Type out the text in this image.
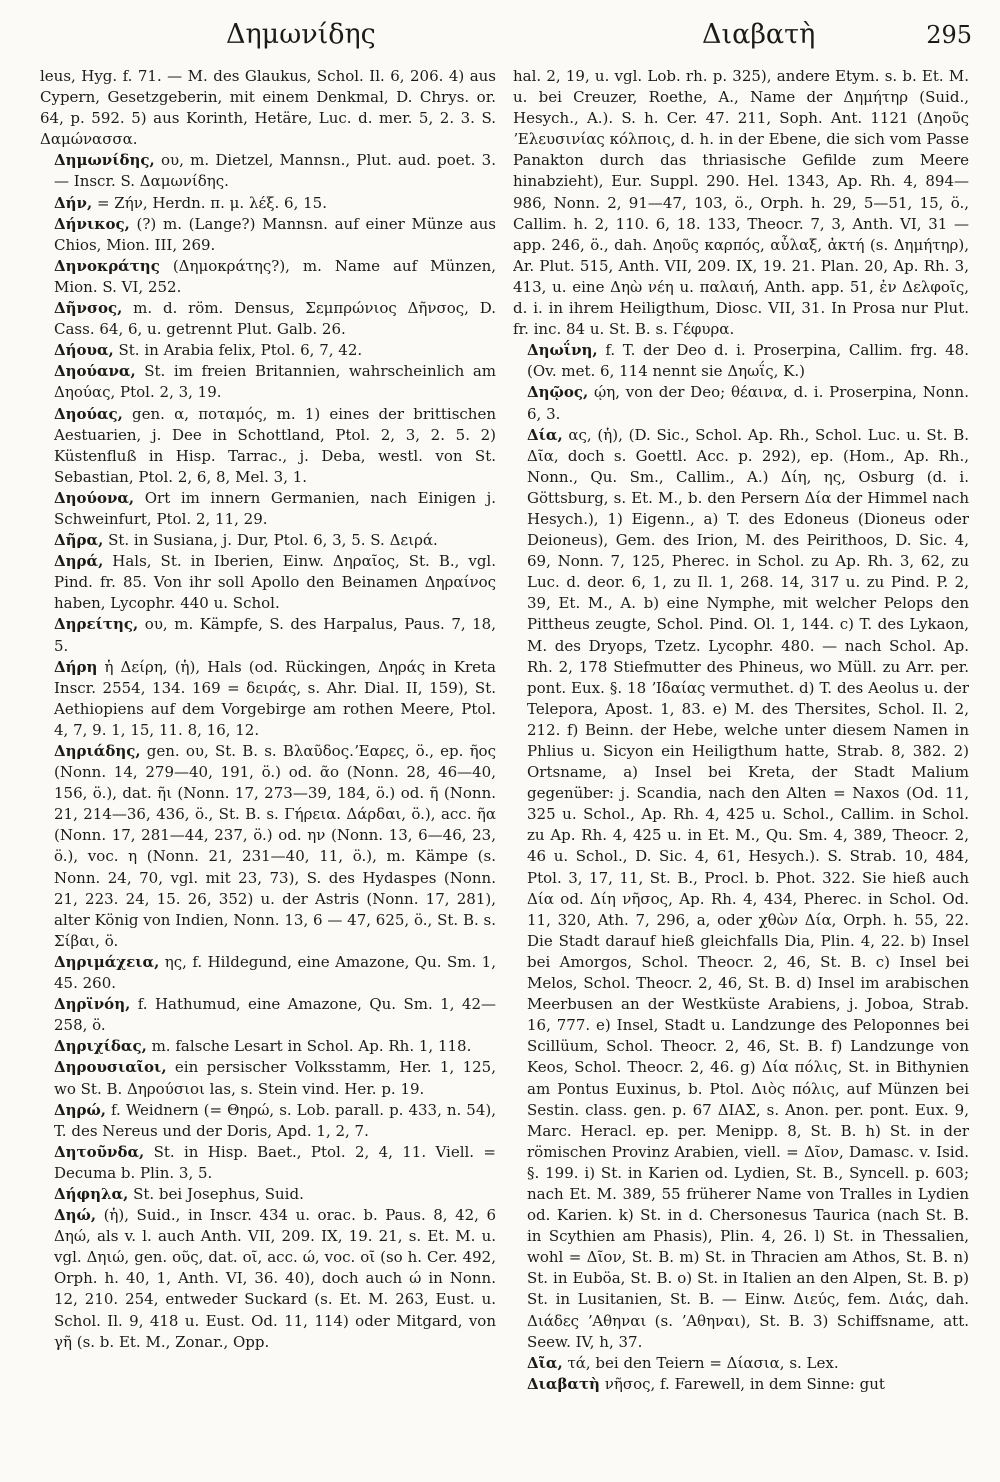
Δημωνίδης	Διαβατὴ	295

leus, Hyg. f. 71. — M. des Glaukus, Schol. Il. 6, 206. 4) aus Cypern, Gesetzgeberin, mit einem Denkmal, D. Chrys. or. 64, p. 592. 5) aus Korinth, Hetäre, Luc. d. mer. 5, 2. 3. S. Δαμώνασσα.

Δημωνίδης, ου, m. Dietzel, Mannsn., Plut. aud. poet. 3. — Inscr. S. Δαμωνίδης.

Δήν, = Ζήν, Herdn. π. μ. λέξ. 6, 15.

Δήνικος, (?) m. (Lange?) Mannsn. auf einer Münze aus Chios, Mion. III, 269.

Δηνοκράτης (Δημοκράτης?), m. Name auf Münzen, Mion. S. VI, 252.

Δῆνσος, m. d. röm. Densus, Σεμπρώνιος Δῆνσος, D. Cass. 64, 6, u. getrennt Plut. Galb. 26.

Δήουα, St. in Arabia felix, Ptol. 6, 7, 42.

Δηούανα, St. im freien Britannien, wahrscheinlich am Δηούας, Ptol. 2, 3, 19.

Δηούας, gen. α, ποταμός, m. 1) eines der brittischen Aestuarien, j. Dee in Schottland, Ptol. 2, 3, 2. 5. 2) Küstenfluß in Hisp. Tarrac., j. Deba, westl. von St. Sebastian, Ptol. 2, 6, 8, Mel. 3, 1.

Δηούονα, Ort im innern Germanien, nach Einigen j. Schweinfurt, Ptol. 2, 11, 29.

Δῆρα, St. in Susiana, j. Dur, Ptol. 6, 3, 5. S. Δειρά.

Δηρά, Hals, St. in Iberien, Einw. Δηραῖος, St. B., vgl. Pind. fr. 85. Von ihr soll Apollo den Beinamen Δηραίνος haben, Lycophr. 440 u. Schol.

Δηρείτης, ου, m. Kämpfe, S. des Harpalus, Paus. 7, 18, 5.

Δήρη ἡ Δείρη, (ἡ), Hals (od. Rückingen, Δηράς in Kreta Inscr. 2554, 134. 169 = δειράς, s. Ahr. Dial. II, 159), St. Aethiopiens auf dem Vorgebirge am rothen Meere, Ptol. 4, 7, 9. 1, 15, 11. 8, 16, 12.

Δηριάδης, gen. ου, St. B. s. Βλαῦδος.ʼΕαρες, ö., ep. ῆος (Nonn. 14, 279—40, 191, ö.) od. ᾶο (Nonn. 28, 46—40, 156, ö.), dat. ῆι (Nonn. 17, 273—39, 184, ö.) od. ῆ (Nonn. 21, 214—36, 436, ö., St. B. s. Γήρεια. Δάρδαι, ö.), acc. ῆα (Nonn. 17, 281—44, 237, ö.) od. ην (Nonn. 13, 6—46, 23, ö.), voc. η (Nonn. 21, 231—40, 11, ö.), m. Kämpe (s. Nonn. 24, 70, vgl. mit 23, 73), S. des Hydaspes (Nonn. 21, 223. 24, 15. 26, 352) u. der Astris (Nonn. 17, 281), alter König von Indien, Nonn. 13, 6 — 47, 625, ö., St. B. s. Σίβαι, ö.

Δηριμάχεια, ης, f. Hildegund, eine Amazone, Qu. Sm. 1, 45. 260.

Δηρϊνόη, f. Hathumud, eine Amazone, Qu. Sm. 1, 42—258, ö.

Δηριχίδας, m. falsche Lesart in Schol. Ap. Rh. 1, 118.

Δηρουσιαῖοι, ein persischer Volksstamm, Her. 1, 125, wo St. B. Δηρούσιοι las, s. Stein vind. Her. p. 19.

Δηρώ, f. Weidnern (= Θηρώ, s. Lob. parall. p. 433, n. 54), T. des Nereus und der Doris, Apd. 1, 2, 7.

Δητοῦνδα, St. in Hisp. Baet., Ptol. 2, 4, 11. Viell. = Decuma b. Plin. 3, 5.

Δήφηλα, St. bei Josephus, Suid.

Δηώ, (ἡ), Suid., in Inscr. 434 u. orac. b. Paus. 8, 42, 6 Δηώ, als v. l. auch Anth. VII, 209. IX, 19. 21, s. Et. M. u. vgl. Δηιώ, gen. οῦς, dat. οῖ, acc. ώ, voc. οῖ (so h. Cer. 492, Orph. h. 40, 1, Anth. VI, 36. 40), doch auch ώ in Nonn. 12, 210. 254, entweder Suckard (s. Et. M. 263, Eust. u. Schol. Il. 9, 418 u. Eust. Od. 11, 114) oder Mitgard, von γῆ (s. b. Et. M., Zonar., Opp.

hal. 2, 19, u. vgl. Lob. rh. p. 325), andere Etym. s. b. Et. M. u. bei Creuzer, Roethe, A., Name der Δημήτηρ (Suid., Hesych., A.). S. h. Cer. 47. 211, Soph. Ant. 1121 (Δηοῦς ʼΕλευσινίας κόλποις, d. h. in der Ebene, die sich vom Passe Panakton durch das thriasische Gefilde zum Meere hinabzieht), Eur. Suppl. 290. Hel. 1343, Ap. Rh. 4, 894—986, Nonn. 2, 91—47, 103, ö., Orph. h. 29, 5—51, 15, ö., Callim. h. 2, 110. 6, 18. 133, Theocr. 7, 3, Anth. VI, 31 — app. 246, ö., dah. Δηοῦς καρπός, αὖλαξ, ἀκτή (s. Δημήτηρ), Ar. Plut. 515, Anth. VII, 209. IX, 19. 21. Plan. 20, Ap. Rh. 3, 413, u. eine Δηὼ νέη u. παλαιή, Anth. app. 51, ἐν Δελφοῖς, d. i. in ihrem Heiligthum, Diosc. VII, 31. In Prosa nur Plut. fr. inc. 84 u. St. B. s. Γέφυρα.

Δηωΐνη, f. T. der Deo d. i. Proserpina, Callim. frg. 48. (Ov. met. 6, 114 nennt sie Δηωΐς, K.)

Δηῷος, ῴη, von der Deo; θέαινα, d. i. Proserpina, Nonn. 6, 3.

Δία, ας, (ἡ), (D. Sic., Schol. Ap. Rh., Schol. Luc. u. St. B. Δῖα, doch s. Goettl. Acc. p. 292), ep. (Hom., Ap. Rh., Nonn., Qu. Sm., Callim., A.) Δίη, ης, Osburg (d. i. Göttsburg, s. Et. M., b. den Persern Δία der Himmel nach Hesych.), 1) Eigenn., a) T. des Edoneus (Dioneus oder Deioneus), Gem. des Irion, M. des Peirithoos, D. Sic. 4, 69, Nonn. 7, 125, Pherec. in Schol. zu Ap. Rh. 3, 62, zu Luc. d. deor. 6, 1, zu Il. 1, 268. 14, 317 u. zu Pind. P. 2, 39, Et. M., A. b) eine Nymphe, mit welcher Pelops den Pittheus zeugte, Schol. Pind. Ol. 1, 144. c) T. des Lykaon, M. des Dryops, Tzetz. Lycophr. 480. — nach Schol. Ap. Rh. 2, 178 Stiefmutter des Phineus, wo Müll. zu Arr. per. pont. Eux. §. 18 ʼΙδαίας vermuthet. d) T. des Aeolus u. der Telepora, Apost. 1, 83. e) M. des Thersites, Schol. Il. 2, 212. f) Beinn. der Hebe, welche unter diesem Namen in Phlius u. Sicyon ein Heiligthum hatte, Strab. 8, 382. 2) Ortsname, a) Insel bei Kreta, der Stadt Malium gegenüber: j. Scandia, nach den Alten = Naxos (Od. 11, 325 u. Schol., Ap. Rh. 4, 425 u. Schol., Callim. in Schol. zu Ap. Rh. 4, 425 u. in Et. M., Qu. Sm. 4, 389, Theocr. 2, 46 u. Schol., D. Sic. 4, 61, Hesych.). S. Strab. 10, 484, Ptol. 3, 17, 11, St. B., Procl. b. Phot. 322. Sie hieß auch Δία od. Δίη νῆσος, Ap. Rh. 4, 434, Pherec. in Schol. Od. 11, 320, Ath. 7, 296, a, oder χθὼν Δία, Orph. h. 55, 22. Die Stadt darauf hieß gleichfalls Dia, Plin. 4, 22. b) Insel bei Amorgos, Schol. Theocr. 2, 46, St. B. c) Insel bei Melos, Schol. Theocr. 2, 46, St. B. d) Insel im arabischen Meerbusen an der Westküste Arabiens, j. Joboa, Strab. 16, 777. e) Insel, Stadt u. Landzunge des Peloponnes bei Scillüum, Schol. Theocr. 2, 46, St. B. f) Landzunge von Keos, Schol. Theocr. 2, 46. g) Δία πόλις, St. in Bithynien am Pontus Euxinus, b. Ptol. Διὸς πόλις, auf Münzen bei Sestin. class. gen. p. 67 ΔΙΑΣ, s. Anon. per. pont. Eux. 9, Marc. Heracl. ep. per. Menipp. 8, St. B. h) St. in der römischen Provinz Arabien, viell. = Δῖον, Damasc. v. Isid. §. 199. i) St. in Karien od. Lydien, St. B., Syncell. p. 603; nach Et. M. 389, 55 früherer Name von Tralles in Lydien od. Karien. k) St. in d. Chersonesus Taurica (nach St. B. in Scythien am Phasis), Plin. 4, 26. l) St. in Thessalien, wohl = Δῖον, St. B. m) St. in Thracien am Athos, St. B. n) St. in Euböa, St. B. o) St. in Italien an den Alpen, St. B. p) St. in Lusitanien, St. B. — Einw. Διεύς, fem. Διάς, dah. Διάδες ʼΑθηναι (s. ʼΑθηναι), St. B. 3) Schiffsname, att. Seew. IV, h, 37.

Δῖα, τά, bei den Teiern = Δίασια, s. Lex.

Διαβατὴ νῆσος, f. Farewell, in dem Sinne: gut
